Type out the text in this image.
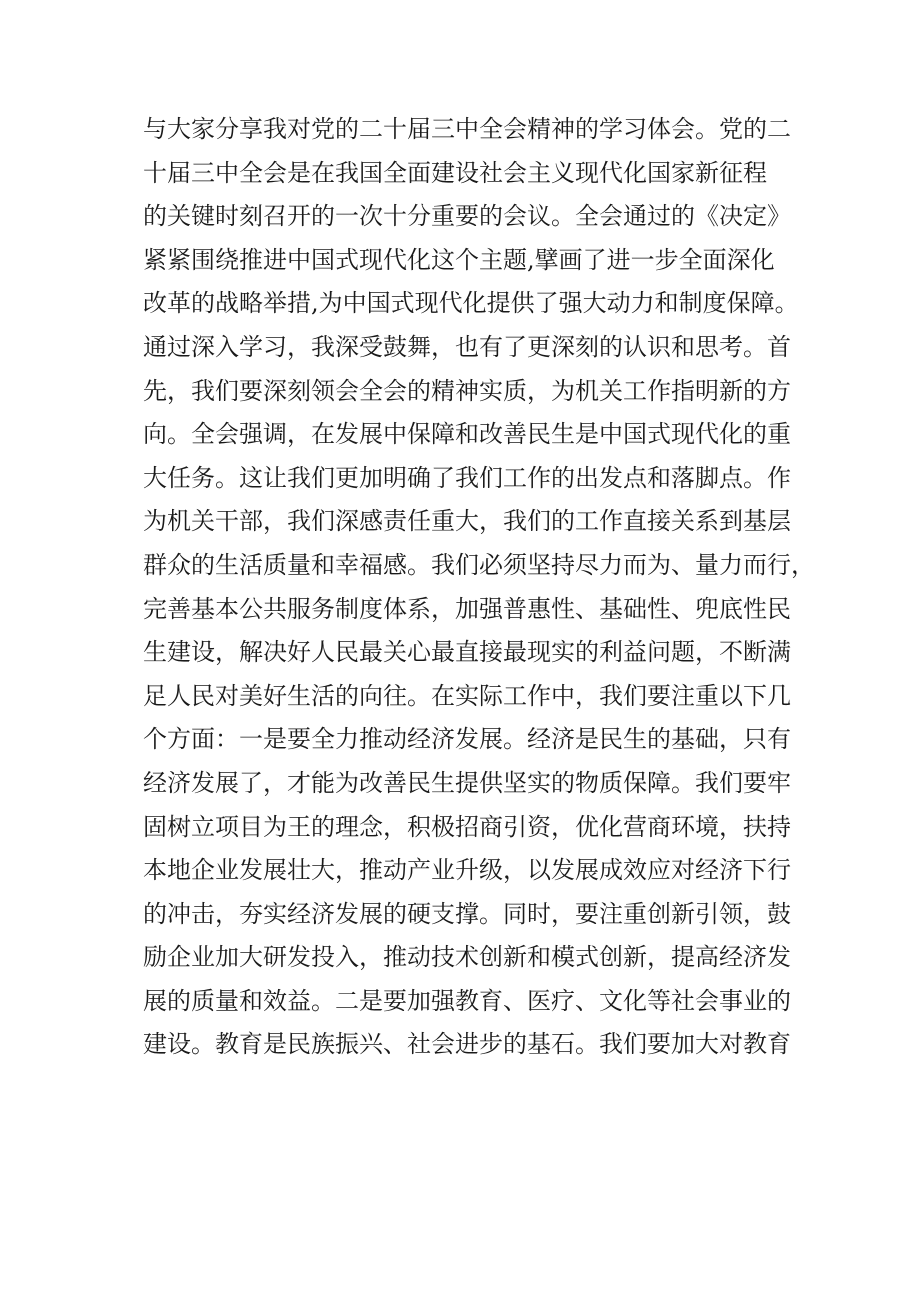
与大家分享我对党的二十届三中全会精神的学习体会。党的二
十届三中全会是在我国全面建设社会主义现代化国家新征程
的关键时刻召开的一次十分重要的会议。全会通过的《决定》
紧紧围绕推进中国式现代化这个主题,擘画了进一步全面深化
改革的战略举措,为中国式现代化提供了强大动力和制度保障。
通过深入学习，我深受鼓舞，也有了更深刻的认识和思考。首
先，我们要深刻领会全会的精神实质，为机关工作指明新的方
向。全会强调，在发展中保障和改善民生是中国式现代化的重
大任务。这让我们更加明确了我们工作的出发点和落脚点。作
为机关干部，我们深感责任重大，我们的工作直接关系到基层
群众的生活质量和幸福感。我们必须坚持尽力而为、量力而行，
完善基本公共服务制度体系，加强普惠性、基础性、兜底性民
生建设，解决好人民最关心最直接最现实的利益问题，不断满
足人民对美好生活的向往。在实际工作中，我们要注重以下几
个方面：一是要全力推动经济发展。经济是民生的基础，只有
经济发展了，才能为改善民生提供坚实的物质保障。我们要牢
固树立项目为王的理念，积极招商引资，优化营商环境，扶持
本地企业发展壮大，推动产业升级，以发展成效应对经济下行
的冲击，夯实经济发展的硬支撑。同时，要注重创新引领，鼓
励企业加大研发投入，推动技术创新和模式创新，提高经济发
展的质量和效益。二是要加强教育、医疗、文化等社会事业的
建设。教育是民族振兴、社会进步的基石。我们要加大对教育
